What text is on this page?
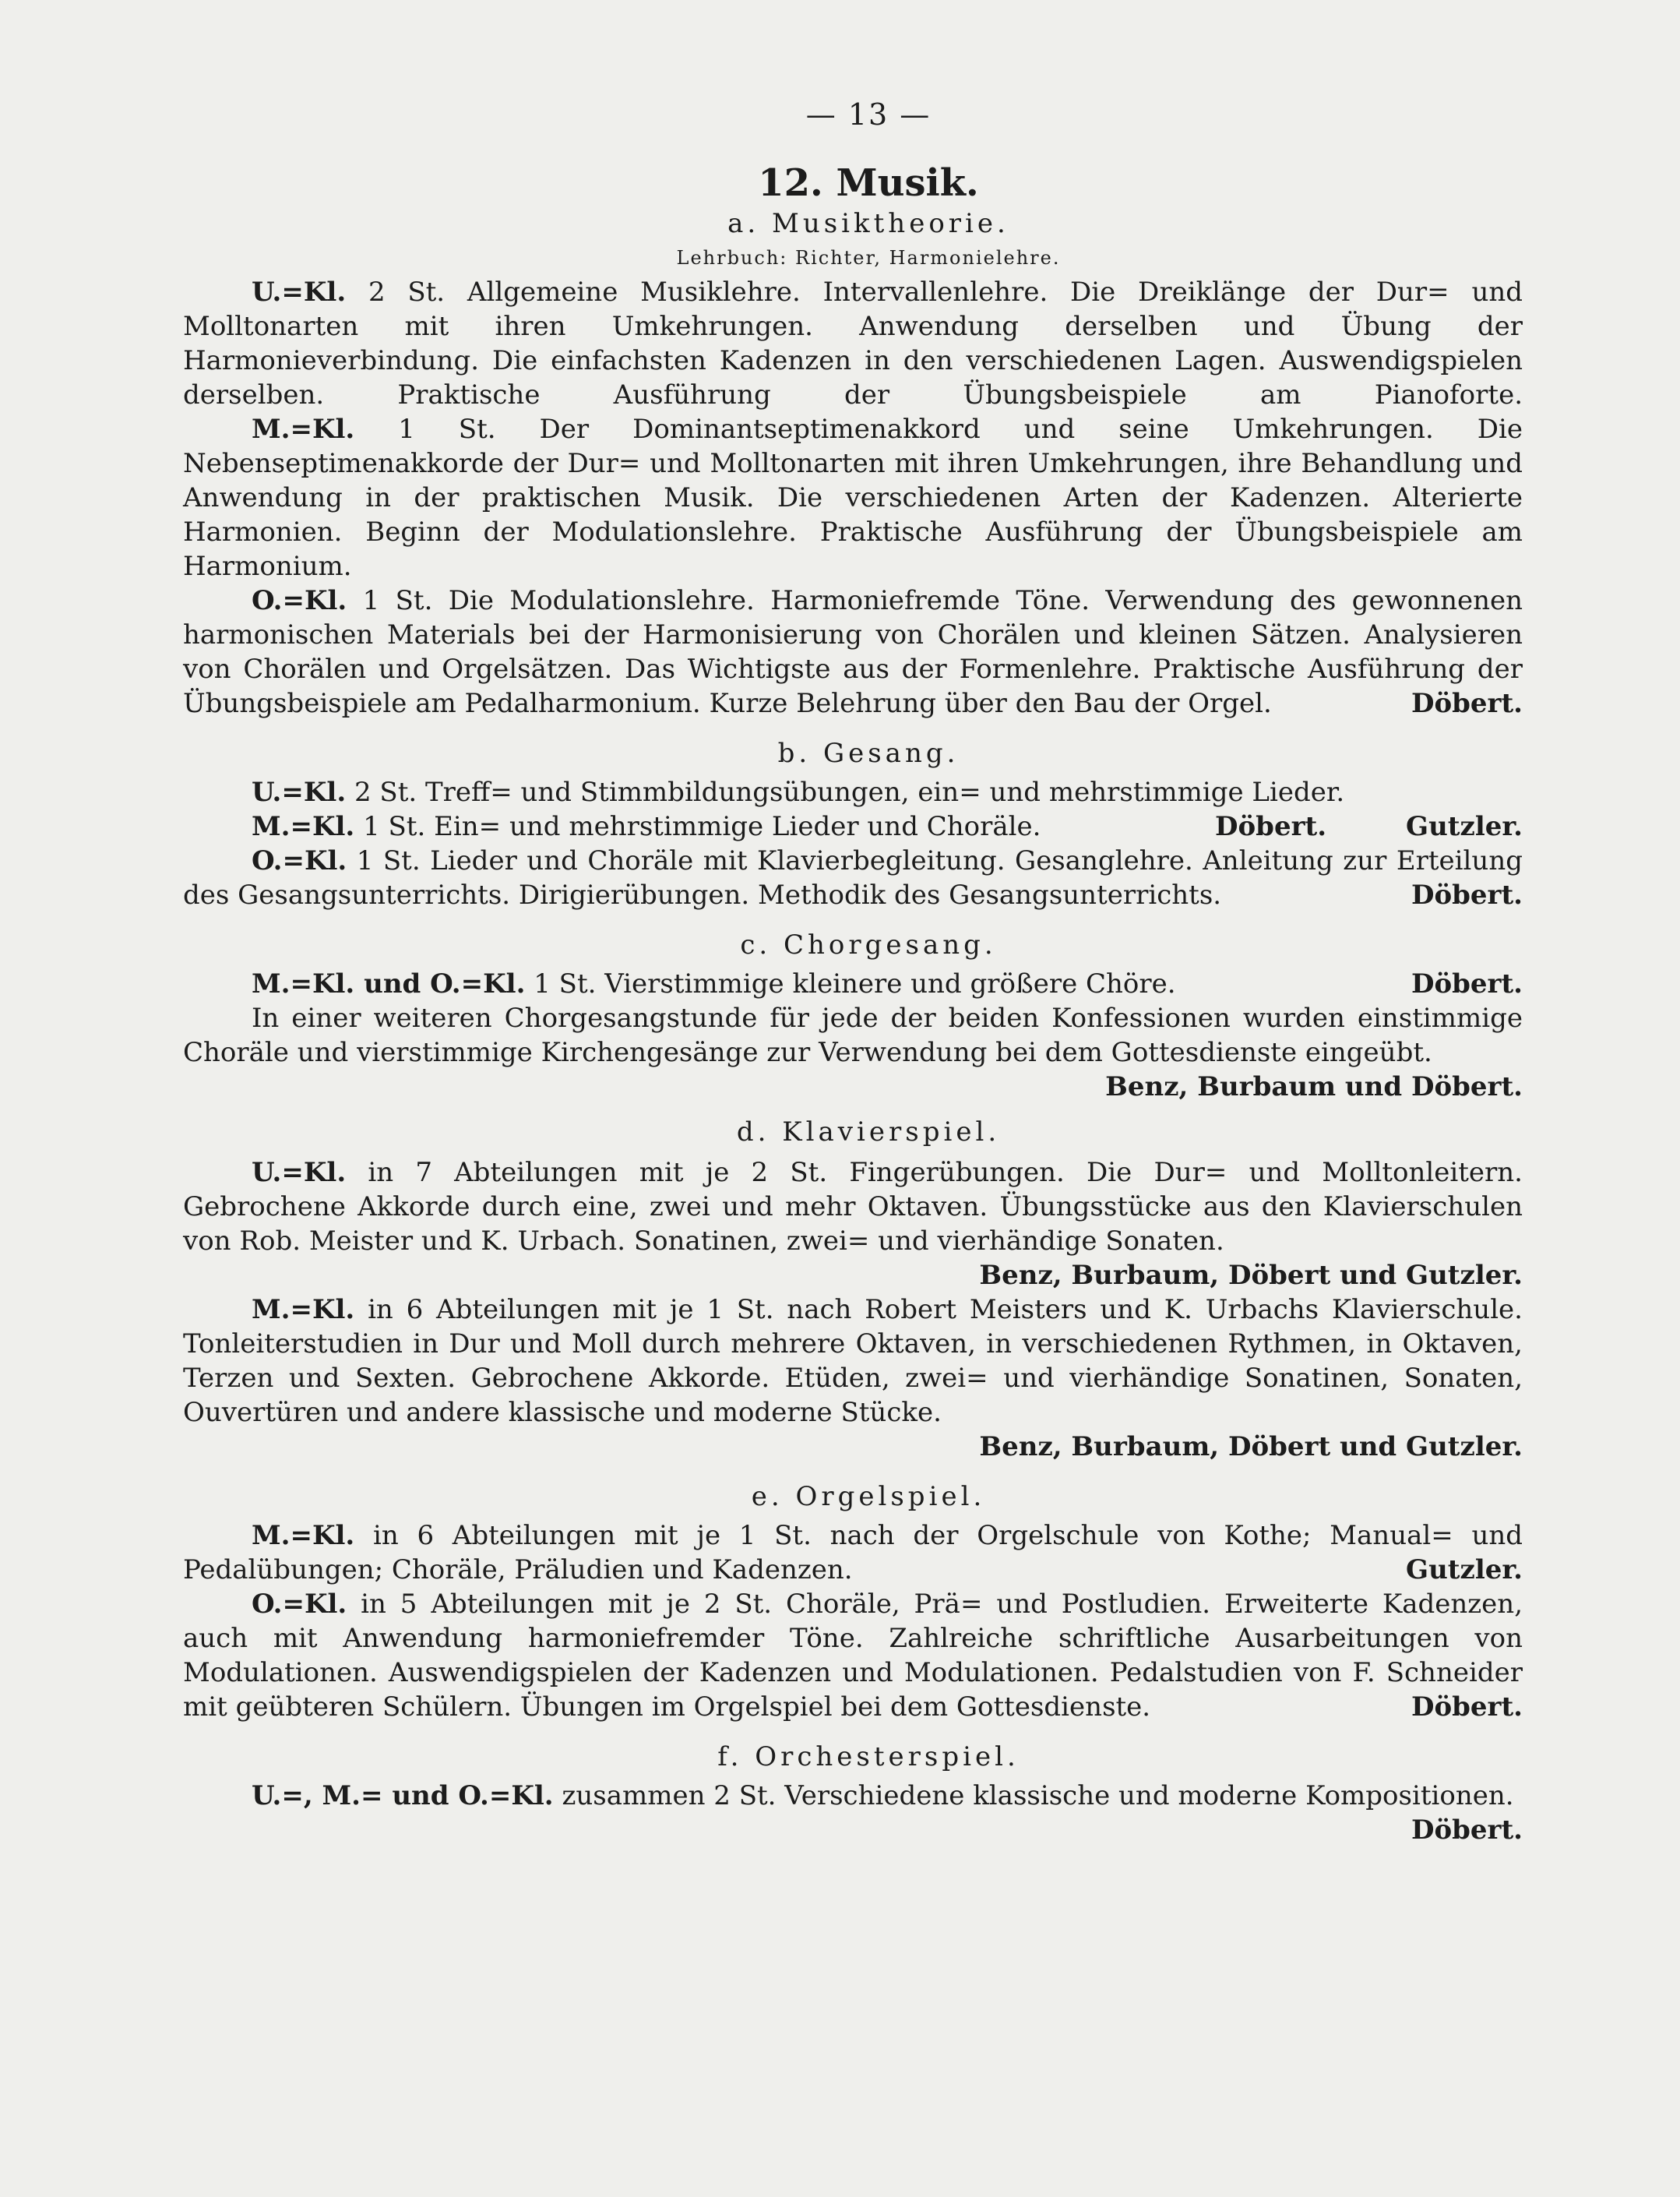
— 13 —
12. Musik.
a. Musiktheorie.
Lehrbuch: Richter, Harmonielehre.

U.=Kl. 2 St. Allgemeine Musiklehre. Intervallenlehre. Die Dreiklänge der Dur= und Molltonarten mit ihren Umkehrungen. Anwendung derselben und Übung der Harmonieverbindung. Die einfachsten Kadenzen in den verschiedenen Lagen. Auswendigspielen derselben. Praktische Ausführung der Übungsbeispiele am Pianoforte.

M.=Kl. 1 St. Der Dominantseptimenakkord und seine Umkehrungen. Die Nebenseptimenakkorde der Dur= und Molltonarten mit ihren Umkehrungen, ihre Behandlung und Anwendung in der praktischen Musik. Die verschiedenen Arten der Kadenzen. Alterierte Harmonien. Beginn der Modulationslehre. Praktische Ausführung der Übungsbeispiele am Harmonium.

O.=Kl. 1 St. Die Modulationslehre. Harmoniefremde Töne. Verwendung des gewonnenen harmonischen Materials bei der Harmonisierung von Chorälen und kleinen Sätzen. Analysieren von Chorälen und Orgelsätzen. Das Wichtigste aus der Formenlehre. Praktische Ausführung der Übungsbeispiele am Pedalharmonium. Kurze Belehrung über den Bau der Orgel.	Döbert.

b. Gesang.

U.=Kl. 2 St. Treff= und Stimmbildungsübungen, ein= und mehrstimmige Lieder.
Gutzler.

M.=Kl. 1 St. Ein= und mehrstimmige Lieder und Choräle.	Döbert.

O.=Kl. 1 St. Lieder und Choräle mit Klavierbegleitung. Gesanglehre. Anleitung zur Erteilung des Gesangsunterrichts. Dirigierübungen. Methodik des Gesangsunterrichts.	Döbert.

c. Chorgesang.

M.=Kl. und O.=Kl. 1 St. Vierstimmige kleinere und größere Chöre.	Döbert.

In einer weiteren Chorgesangstunde für jede der beiden Konfessionen wurden einstimmige Choräle und vierstimmige Kirchengesänge zur Verwendung bei dem Gottesdienste eingeübt.

Benz, Burbaum und Döbert.
d. Klavierspiel.

U.=Kl. in 7 Abteilungen mit je 2 St. Fingerübungen. Die Dur= und Molltonleitern. Gebrochene Akkorde durch eine, zwei und mehr Oktaven. Übungsstücke aus den Klavierschulen von Rob. Meister und K. Urbach. Sonatinen, zwei= und vierhändige Sonaten.

Benz, Burbaum, Döbert und Gutzler.

M.=Kl. in 6 Abteilungen mit je 1 St. nach Robert Meisters und K. Urbachs Klavierschule. Tonleiterstudien in Dur und Moll durch mehrere Oktaven, in verschiedenen Rythmen, in Oktaven, Terzen und Sexten. Gebrochene Akkorde. Etüden, zwei= und vierhändige Sonatinen, Sonaten, Ouvertüren und andere klassische und moderne Stücke.

Benz, Burbaum, Döbert und Gutzler.
e. Orgelspiel.

M.=Kl. in 6 Abteilungen mit je 1 St. nach der Orgelschule von Kothe; Manual= und Pedalübungen; Choräle, Präludien und Kadenzen.	Gutzler.

O.=Kl. in 5 Abteilungen mit je 2 St. Choräle, Prä= und Postludien. Erweiterte Kadenzen, auch mit Anwendung harmoniefremder Töne. Zahlreiche schriftliche Ausarbeitungen von Modulationen. Auswendigspielen der Kadenzen und Modulationen. Pedalstudien von F. Schneider mit geübteren Schülern. Übungen im Orgelspiel bei dem Gottesdienste.	Döbert.

f. Orchesterspiel.

U.=, M.= und O.=Kl. zusammen 2 St. Verschiedene klassische und moderne Kompositionen.

Döbert.
